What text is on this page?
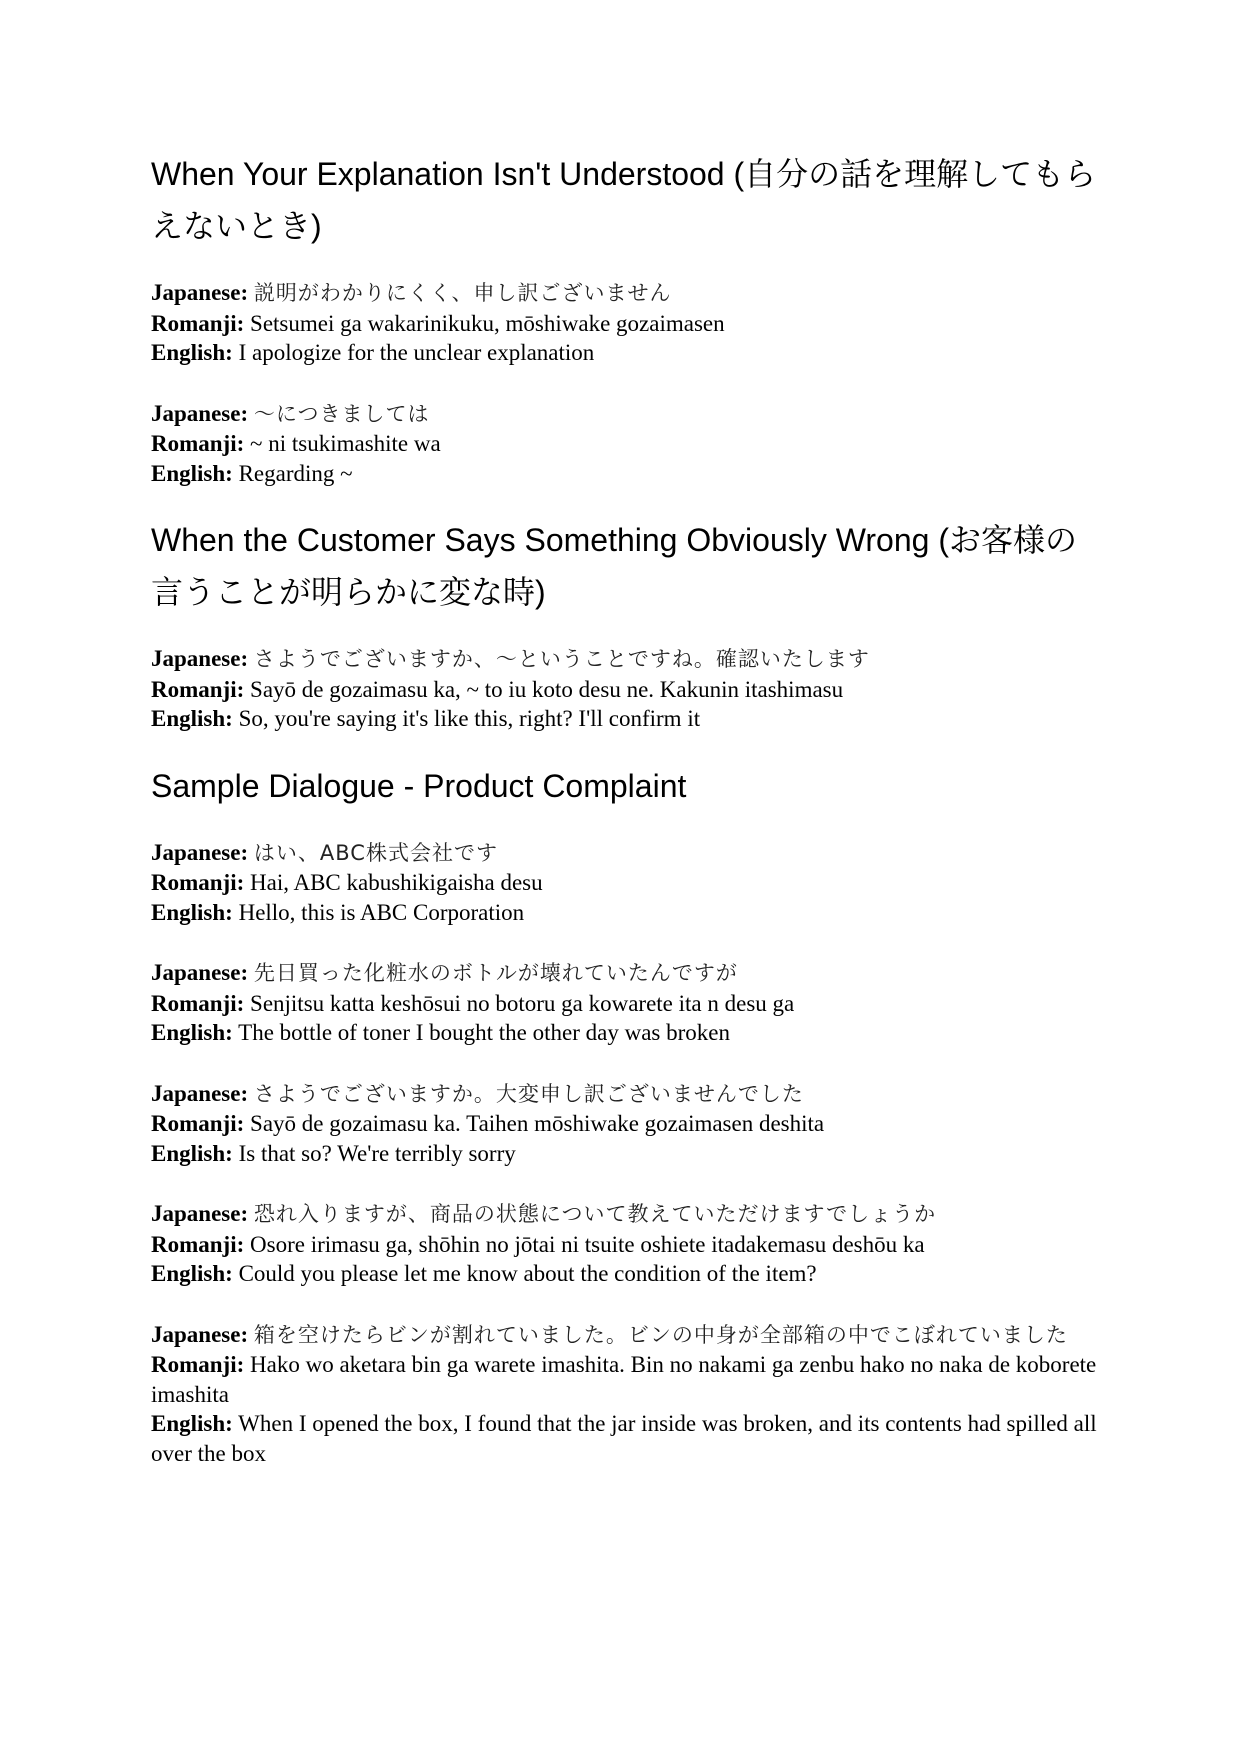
When Your Explanation Isn't Understood (自分の話を理解してもらえないとき)
Japanese: 説明がわかりにくく、申し訳ございません
Romanji: Setsumei ga wakarinikuku, mōshiwake gozaimasen
English: I apologize for the unclear explanation
Japanese: 〜につきましては
Romanji: ~ ni tsukimashite wa
English: Regarding ~
When the Customer Says Something Obviously Wrong (お客様の言うことが明らかに変な時)
Japanese: さようでございますか、〜ということですね。確認いたします
Romanji: Sayō de gozaimasu ka, ~ to iu koto desu ne. Kakunin itashimasu
English: So, you're saying it's like this, right? I'll confirm it
Sample Dialogue - Product Complaint
Japanese: はい、ABC株式会社です
Romanji: Hai, ABC kabushikigaisha desu
English: Hello, this is ABC Corporation
Japanese: 先日買った化粧水のボトルが壊れていたんですが
Romanji: Senjitsu katta keshōsui no botoru ga kowarete ita n desu ga
English: The bottle of toner I bought the other day was broken
Japanese: さようでございますか。大変申し訳ございませんでした
Romanji: Sayō de gozaimasu ka. Taihen mōshiwake gozaimasen deshita
English: Is that so? We're terribly sorry
Japanese: 恐れ入りますが、商品の状態について教えていただけますでしょうか
Romanji: Osore irimasu ga, shōhin no jōtai ni tsuite oshiete itadakemasu deshōu ka
English: Could you please let me know about the condition of the item?
Japanese: 箱を空けたらビンが割れていました。ビンの中身が全部箱の中でこぼれていました
Romanji: Hako wo aketara bin ga warete imashita. Bin no nakami ga zenbu hako no naka de koborete imashita
English: When I opened the box, I found that the jar inside was broken, and its contents had spilled all over the box
